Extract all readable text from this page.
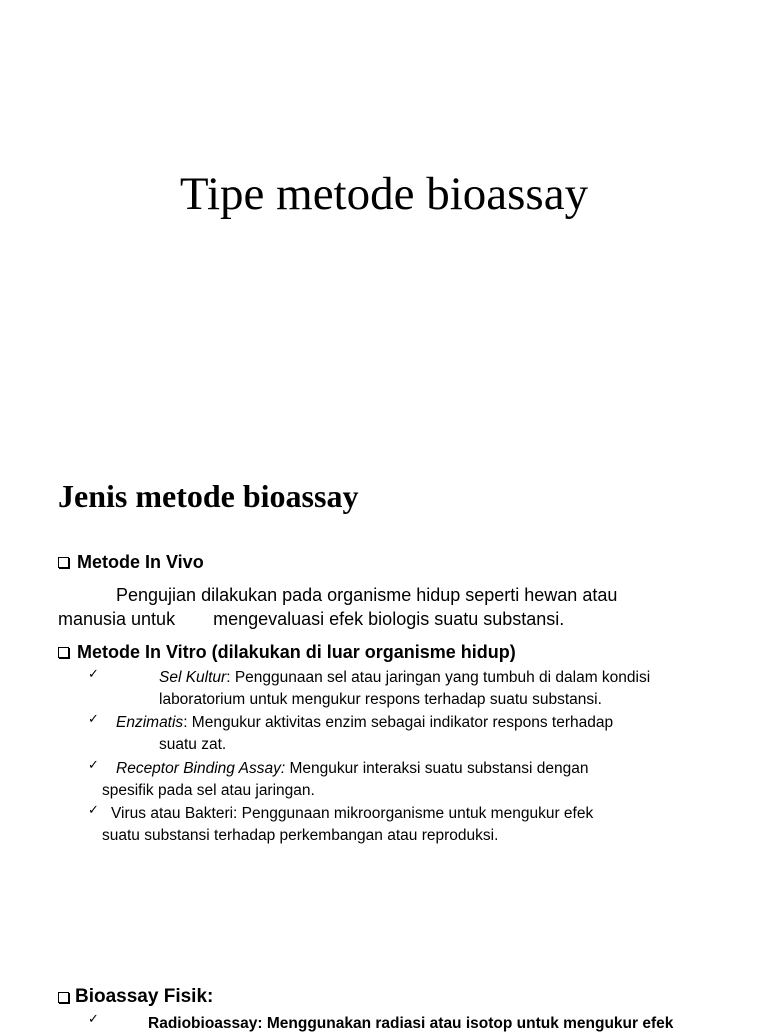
Tipe metode bioassay
Jenis metode bioassay
Metode In Vivo
Pengujian dilakukan pada organisme hidup seperti hewan atau
manusia untuk mengevaluasi efek biologis suatu substansi.
Metode In Vitro (dilakukan di luar organisme hidup)
✓	Sel Kultur: Penggunaan sel atau jaringan yang tumbuh di dalam kondisi
laboratorium untuk mengukur respons terhadap suatu substansi.
✓ Enzimatis: Mengukur aktivitas enzim sebagai indikator respons terhadap
suatu zat.
✓ Receptor Binding Assay: Mengukur interaksi suatu substansi dengan
spesifik pada sel atau jaringan.
✓ Virus atau Bakteri: Penggunaan mikroorganisme untuk mengukur efek
suatu substansi terhadap perkembangan atau reproduksi.
Bioassay Fisik:
✓	Radiobioassay: Menggunakan radiasi atau isotop untuk mengukur efek
